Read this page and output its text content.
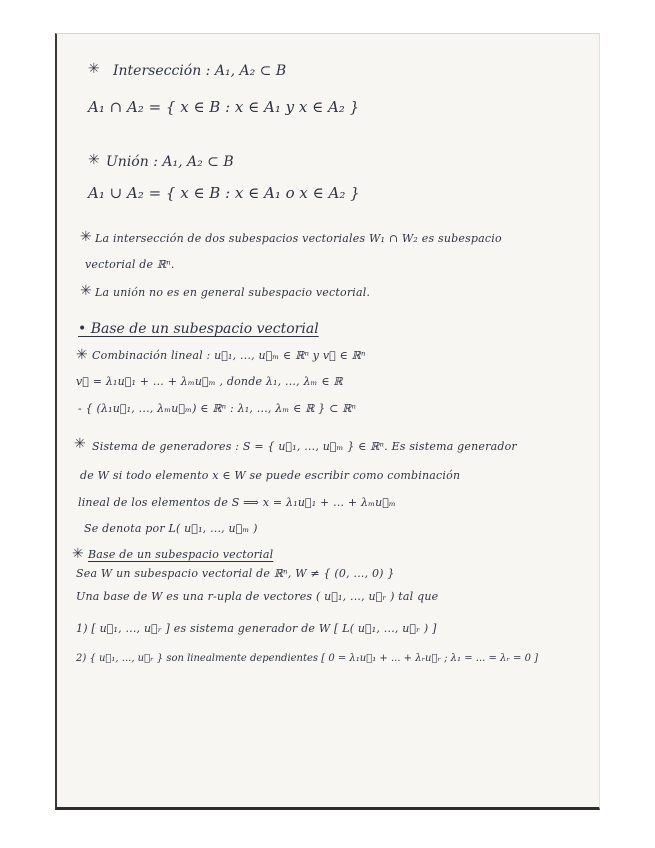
✳ Intersección : A₁, A₂ ⊂ B
A₁ ∩ A₂ = { x ∈ B : x ∈ A₁ y x ∈ A₂ }
✳ Unión : A₁, A₂ ⊂ B
A₁ ∪ A₂ = { x ∈ B : x ∈ A₁ o x ∈ A₂ }
✳ La intersección de dos subespacios vectoriales W₁ ∩ W₂ es subespacio
vectorial de ℝⁿ.
✳ La unión no es en general subespacio vectorial.
• Base de un subespacio vectorial
✳ Combinación lineal : u⃗₁, ..., u⃗ₘ ∈ ℝⁿ y v⃗ ∈ ℝⁿ
v⃗ = λ₁u⃗₁ + ... + λₘu⃗ₘ , donde λ₁, ..., λₘ ∈ ℝ
- { (λ₁u⃗₁, ..., λₘu⃗ₘ) ∈ ℝⁿ : λ₁, ..., λₘ ∈ ℝ } ⊂ ℝⁿ
✳ Sistema de generadores : S = { u⃗₁, ..., u⃗ₘ } ∈ ℝⁿ. Es sistema generador
de W si todo elemento x ∈ W se puede escribir como combinación
lineal de los elementos de S ⟹ x = λ₁u⃗₁ + ... + λₘu⃗ₘ
Se denota por L( u⃗₁, ..., u⃗ₘ )
✳ Base de un subespacio vectorial
Sea W un subespacio vectorial de ℝⁿ, W ≠ { (0, ..., 0) }
Una base de W es una r-upla de vectores ( u⃗₁, ..., u⃗ᵣ ) tal que
1) [ u⃗₁, ..., u⃗ᵣ ] es sistema generador de W [ L( u⃗₁, ..., u⃗ᵣ ) ]
2) { u⃗₁, ..., u⃗ᵣ } son linealmente dependientes [ 0 = λ₁u⃗₁ + ... + λᵣu⃗ᵣ ; λ₁ = ... = λᵣ = 0 ]
